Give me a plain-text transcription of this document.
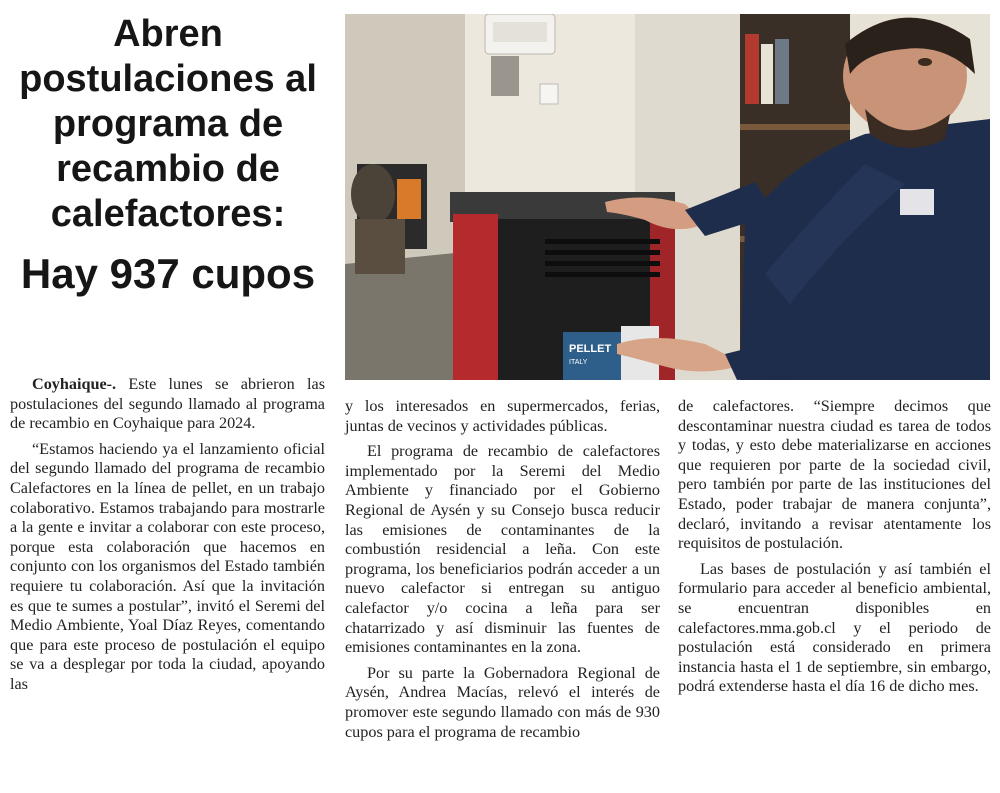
Abren postulaciones al programa de recambio de calefactores:
Hay 937 cupos
PELLET
ITALY

Coyhaique-. Este lunes se abrieron las postulaciones del segundo llamado al programa de recambio en Coyhaique para 2024.

“Estamos haciendo ya el lanzamiento oficial del segundo llamado del programa de recambio Calefactores en la línea de pellet, en un trabajo colaborativo. Estamos trabajando para mostrarle a la gente e invitar a colaborar con este proceso, porque esta colaboración que hacemos en conjunto con los organismos del Estado también requiere tu colaboración. Así que la invitación es que te sumes a postular”, invitó el Seremi del Medio Ambiente, Yoal Díaz Reyes, comentando que para este proceso de postulación el equipo se va a desplegar por toda la ciudad, apoyando las

y los interesados en supermercados, ferias, juntas de vecinos y actividades públicas.

El programa de recambio de calefactores implementado por la Seremi del Medio Ambiente y financiado por el Gobierno Regional de Aysén y su Consejo busca reducir las emisiones de contaminantes de la combustión residencial a leña. Con este programa, los beneficiarios podrán acceder a un nuevo calefactor si entregan su antiguo calefactor y/o cocina a leña para ser chatarrizado y así disminuir las fuentes de emisiones contaminantes en la zona.

Por su parte la Gobernadora Regional de Aysén, Andrea Macías, relevó el interés de promover este segundo llamado con más de 930 cupos para el programa de recambio

de calefactores. “Siempre decimos que descontaminar nuestra ciudad es tarea de todos y todas, y esto debe materializarse en acciones que requieren por parte de la sociedad civil, pero también por parte de las instituciones del Estado, poder trabajar de manera conjunta”, declaró, invitando a revisar atentamente los requisitos de postulación.

Las bases de postulación y así también el formulario para acceder al beneficio ambiental, se encuentran disponibles en calefactores.mma.gob.cl y el periodo de postulación está considerado en primera instancia hasta el 1 de septiembre, sin embargo, podrá extenderse hasta el día 16 de dicho mes.
